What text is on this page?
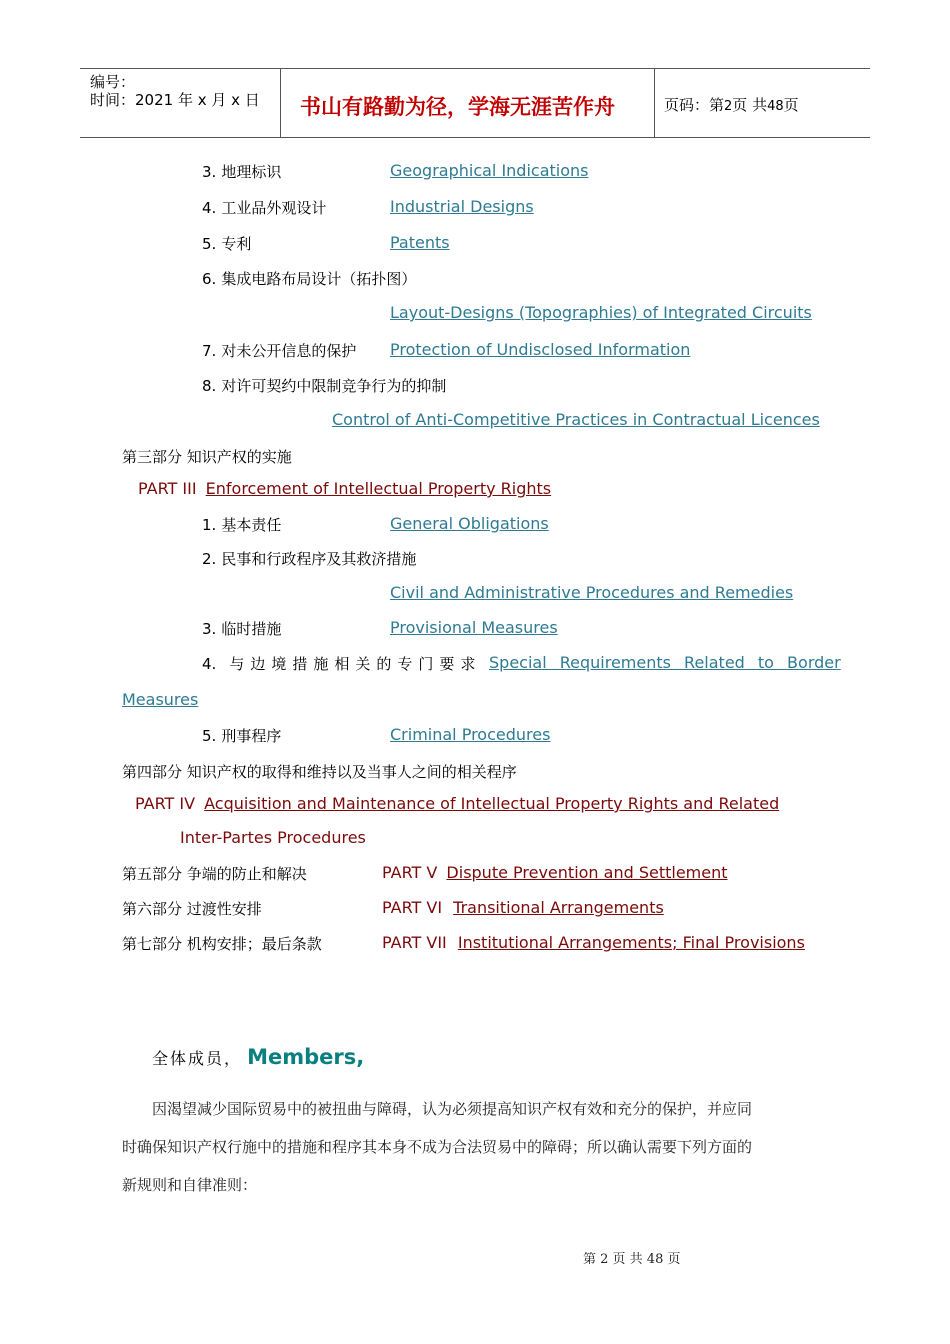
编号：
时间：2021 年 x 月 x 日 书山有路勤为径，学海无涯苦作舟	页码：第2页 共48页
3. 地理标识	Geographical Indications
4. 工业品外观设计	Industrial Designs
5. 专利	Patents
6. 集成电路布局设计（拓扑图）
Layout-Designs (Topographies) of Integrated Circuits
7. 对未公开信息的保护 Protection of Undisclosed Information
8. 对许可契约中限制竞争行为的抑制
Control of Anti-Competitive Practices in Contractual Licences
第三部分 知识产权的实施
PART III Enforcement of Intellectual Property Rights
1. 基本责任	General Obligations
2. 民事和行政程序及其救济措施
Civil and Administrative Procedures and Remedies
3. 临时措施	Provisional Measures
4. 与边境措施相关的专门要求 Special Requirements Related to Border
Measures
5. 刑事程序	Criminal Procedures
第四部分 知识产权的取得和维持以及当事人之间的相关程序
PART IV Acquisition and Maintenance of Intellectual Property Rights and Related
Inter-Partes Procedures
第五部分 争端的防止和解决	PART V Dispute Prevention and Settlement
第六部分 过渡性安排	PART VI Transitional Arrangements
第七部分 机构安排；最后条款	PART VII Institutional Arrangements; Final Provisions
全体成员， Members,
因渴望减少国际贸易中的被扭曲与障碍，认为必须提高知识产权有效和充分的保护，并应同
时确保知识产权行施中的措施和程序其本身不成为合法贸易中的障碍；所以确认需要下列方面的
新规则和自律准则：
第 2 页 共 48 页
